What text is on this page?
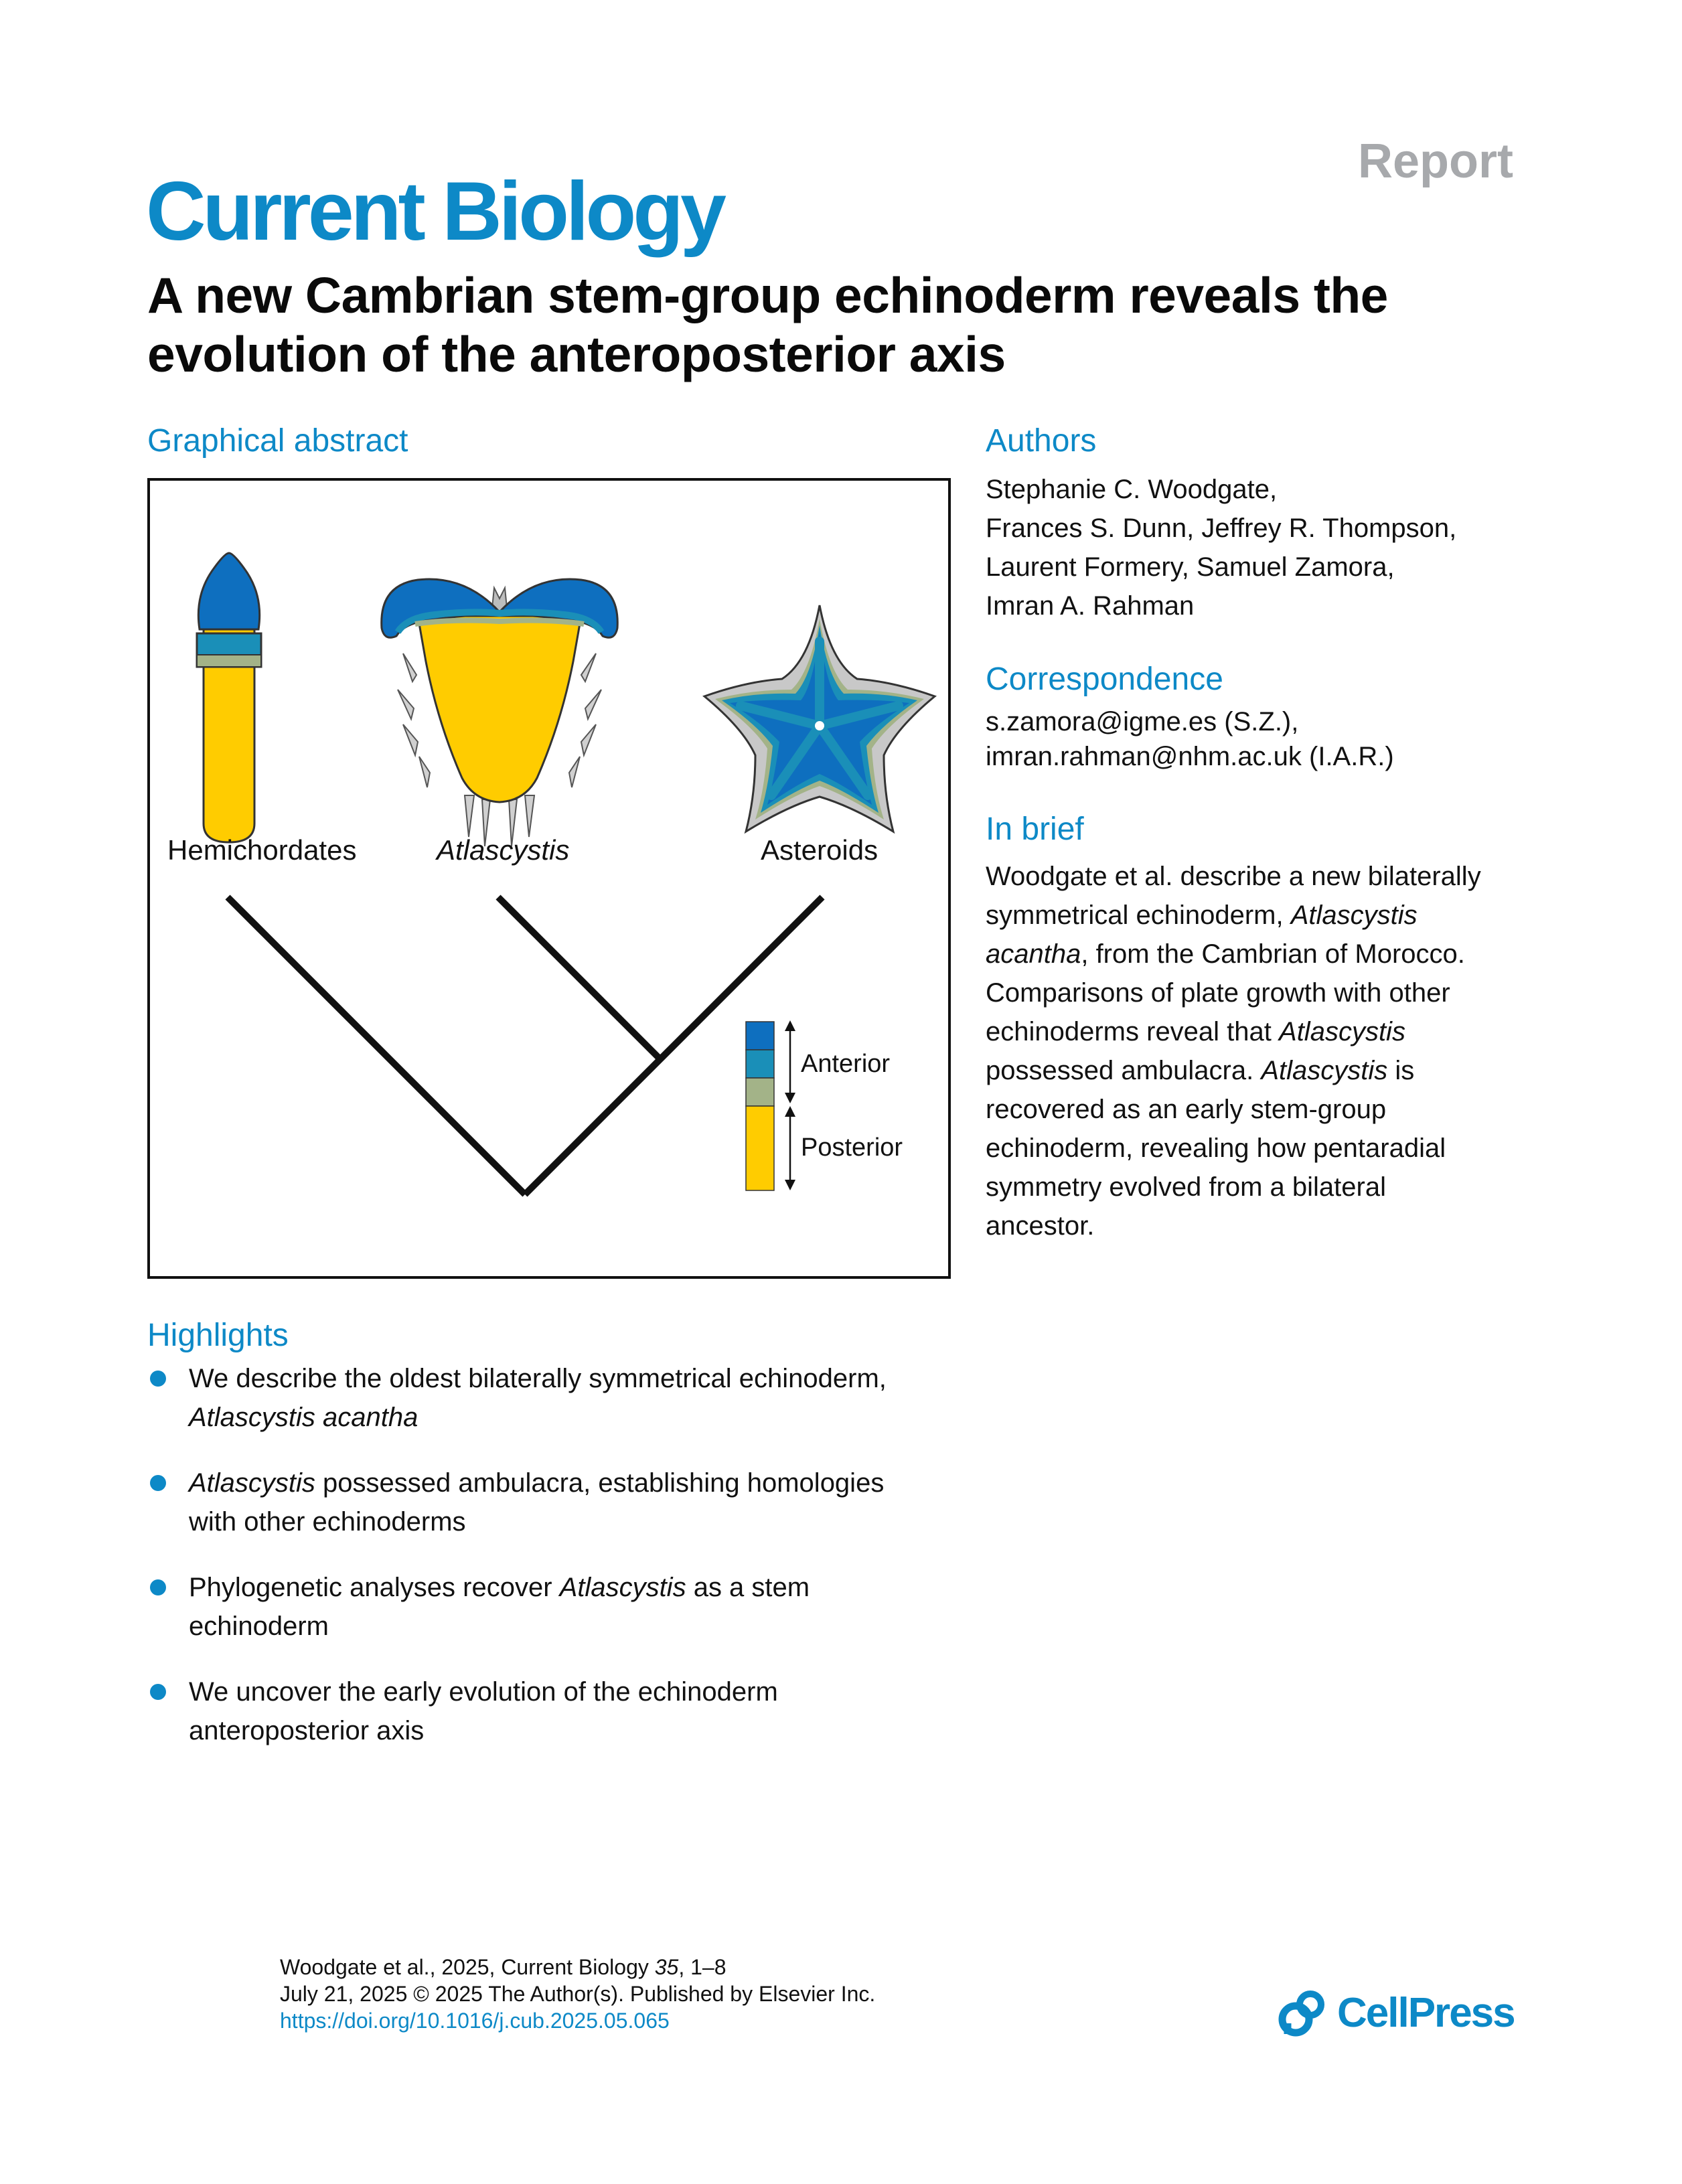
Report
Current Biology
A new Cambrian stem-group echinoderm reveals the evolution of the anteroposterior axis
Graphical abstract
Hemichordates	Atlascystis	Asteroids
Anterior
Posterior
Authors
Stephanie C. Woodgate,
Frances S. Dunn, Jeffrey R. Thompson,
Laurent Formery, Samuel Zamora,
Imran A. Rahman
Correspondence
s.zamora@igme.es (S.Z.),
imran.rahman@nhm.ac.uk (I.A.R.)
In brief
Woodgate et al. describe a new bilaterally
symmetrical echinoderm, Atlascystis
acantha, from the Cambrian of Morocco.
Comparisons of plate growth with other
echinoderms reveal that Atlascystis
possessed ambulacra. Atlascystis is
recovered as an early stem-group
echinoderm, revealing how pentaradial
symmetry evolved from a bilateral
ancestor.
Highlights
We describe the oldest bilaterally symmetrical echinoderm,
Atlascystis acantha
Atlascystis possessed ambulacra, establishing homologies
with other echinoderms
Phylogenetic analyses recover Atlascystis as a stem
echinoderm
We uncover the early evolution of the echinoderm
anteroposterior axis
Woodgate et al., 2025, Current Biology 35, 1–8
July 21, 2025 © 2025 The Author(s). Published by Elsevier Inc.
https://doi.org/10.1016/j.cub.2025.05.065	CellPress
